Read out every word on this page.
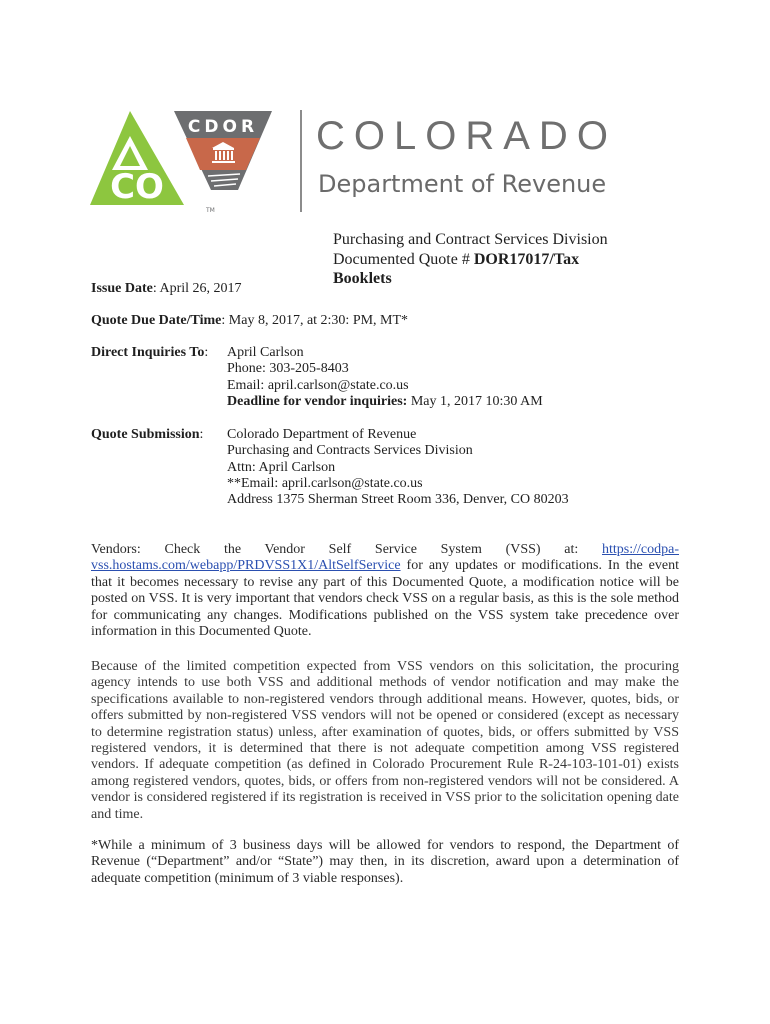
CDOR
CO
TM
COLORADO
Department of Revenue
Purchasing and Contract Services Division
Documented Quote # DOR17017/Tax
Booklets
Issue Date: April 26, 2017
Quote Due Date/Time: May 8, 2017, at 2:30: PM, MT*
Direct Inquiries To: April Carlson
Phone: 303-205-8403
Email: april.carlson@state.co.us
Deadline for vendor inquiries: May 1, 2017 10:30 AM
Quote Submission: Colorado Department of Revenue
Purchasing and Contracts Services Division
Attn: April Carlson
**Email: april.carlson@state.co.us
Address 1375 Sherman Street Room 336, Denver, CO 80203
Vendors: Check the Vendor Self Service System (VSS) at: https://codpa-vss.hostams.com/webapp/PRDVSS1X1/AltSelfService for any updates or modifications. In the event that it becomes necessary to revise any part of this Documented Quote, a modification notice will be posted on VSS. It is very important that vendors check VSS on a regular basis, as this is the sole method for communicating any changes. Modifications published on the VSS system take precedence over information in this Documented Quote.
Because of the limited competition expected from VSS vendors on this solicitation, the procuring agency intends to use both VSS and additional methods of vendor notification and may make the specifications available to non-registered vendors through additional means. However, quotes, bids, or offers submitted by non-registered VSS vendors will not be opened or considered (except as necessary to determine registration status) unless, after examination of quotes, bids, or offers submitted by VSS registered vendors, it is determined that there is not adequate competition among VSS registered vendors. If adequate competition (as defined in Colorado Procurement Rule R-24-103-101-01) exists among registered vendors, quotes, bids, or offers from non-registered vendors will not be considered. A vendor is considered registered if its registration is received in VSS prior to the solicitation opening date and time.
*While a minimum of 3 business days will be allowed for vendors to respond, the Department of Revenue (“Department” and/or “State”) may then, in its discretion, award upon a determination of adequate competition (minimum of 3 viable responses).
